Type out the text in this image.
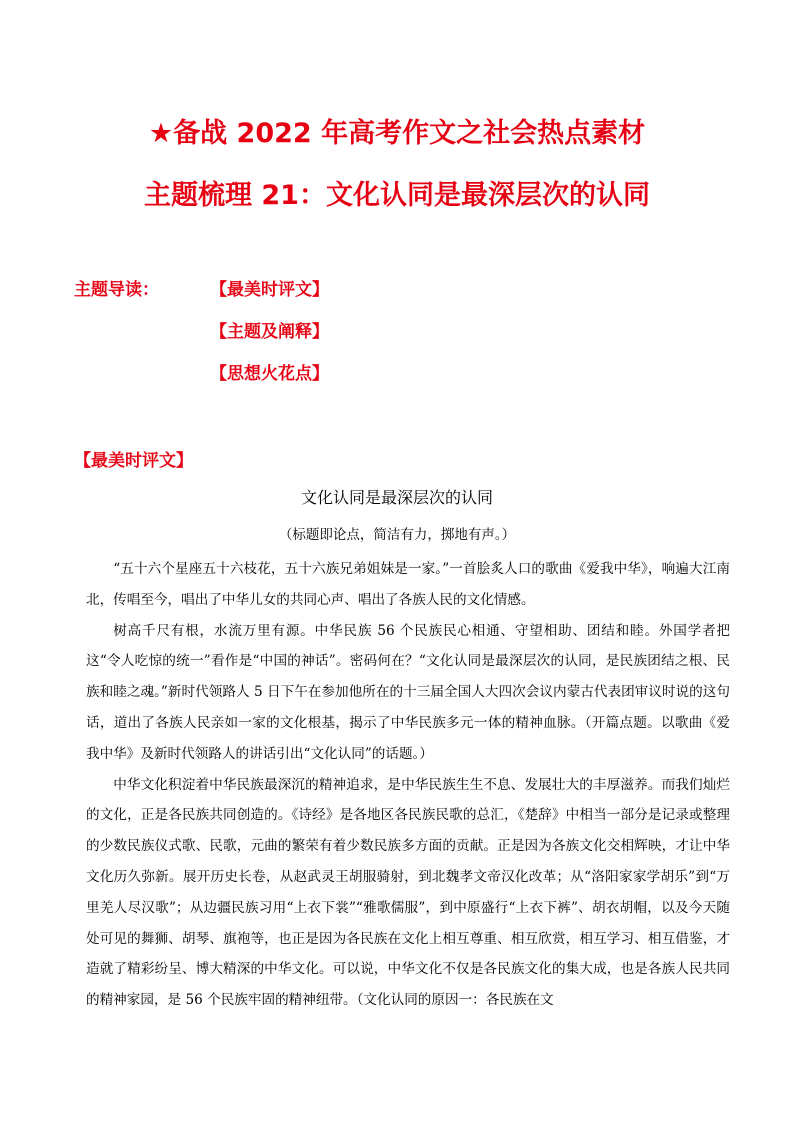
★备战 2022 年高考作文之社会热点素材
主题梳理 21：文化认同是最深层次的认同
主题导读：	【最美时评文】
【主题及阐释】
【思想火花点】
【最美时评文】
文化认同是最深层次的认同
（标题即论点，简洁有力，掷地有声。）

“五十六个星座五十六枝花，五十六族兄弟姐妹是一家。”一首脍炙人口的歌曲《爱我中华》，响遍大江南北，传唱至今，唱出了中华儿女的共同心声、唱出了各族人民的文化情感。

树高千尺有根，水流万里有源。中华民族 56 个民族民心相通、守望相助、团结和睦。外国学者把这“令人吃惊的统一”看作是“中国的神话”。密码何在？“文化认同是最深层次的认同，是民族团结之根、民族和睦之魂。”新时代领路人 5 日下午在参加他所在的十三届全国人大四次会议内蒙古代表团审议时说的这句话，道出了各族人民亲如一家的文化根基，揭示了中华民族多元一体的精神血脉。（开篇点题。以歌曲《爱我中华》及新时代领路人的讲话引出“文化认同”的话题。）

中华文化积淀着中华民族最深沉的精神追求，是中华民族生生不息、发展壮大的丰厚滋养。而我们灿烂的文化，正是各民族共同创造的。《诗经》是各地区各民族民歌的总汇，《楚辞》中相当一部分是记录或整理的少数民族仪式歌、民歌，元曲的繁荣有着少数民族多方面的贡献。正是因为各族文化交相辉映，才让中华文化历久弥新。展开历史长卷，从赵武灵王胡服骑射，到北魏孝文帝汉化改革；从“洛阳家家学胡乐”到“万里羌人尽汉歌”；从边疆民族习用“上衣下裳”“雅歌儒服”，到中原盛行“上衣下裤”、胡衣胡帽，以及今天随处可见的舞狮、胡琴、旗袍等，也正是因为各民族在文化上相互尊重、相互欣赏，相互学习、相互借鉴，才造就了精彩纷呈、博大精深的中华文化。可以说，中华文化不仅是各民族文化的集大成，也是各族人民共同的精神家园，是 56 个民族牢固的精神纽带。（文化认同的原因一：各民族在文
